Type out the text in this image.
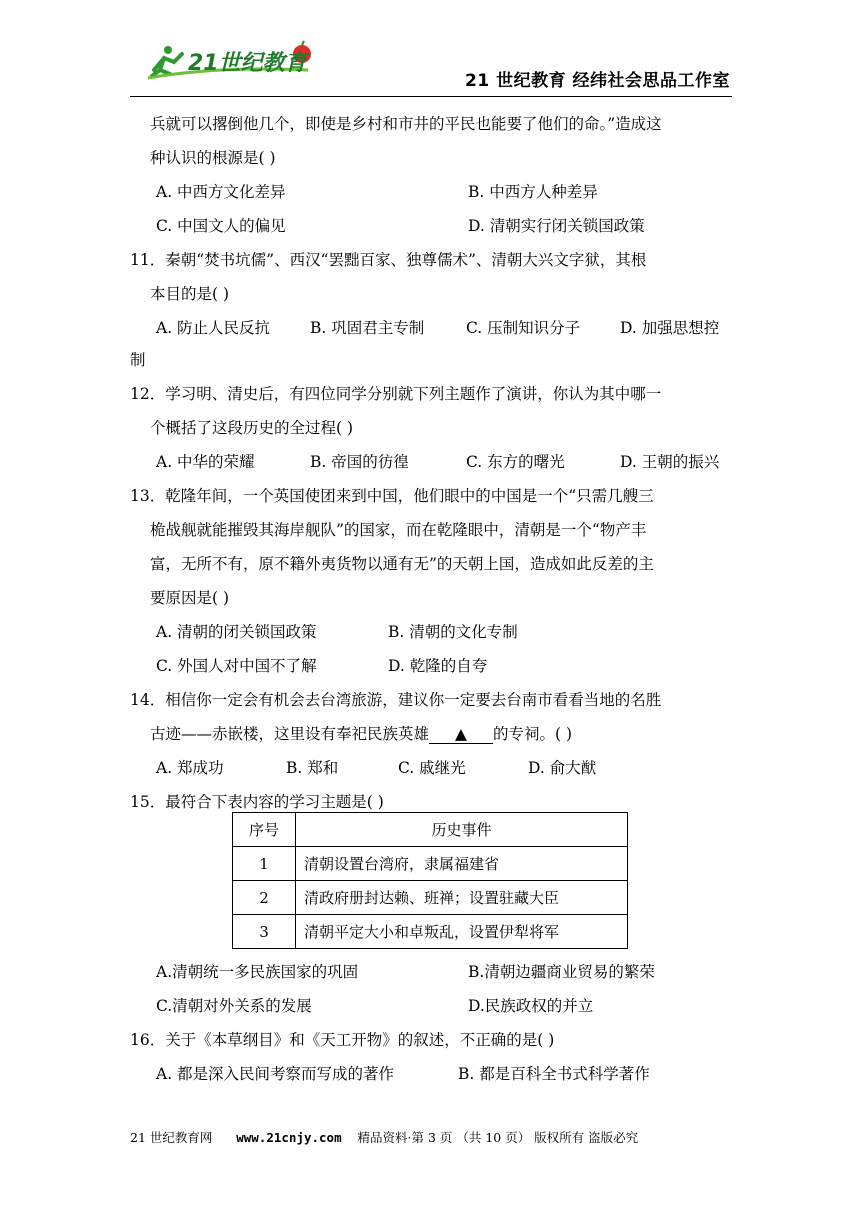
21世纪教育
21 世纪教育 经纬社会思品工作室
兵就可以撂倒他几个，即使是乡村和市井的平民也能要了他们的命。”造成这
种认识的根源是( )
A. 中西方文化差异	B. 中西方人种差异
C. 中国文人的偏见	D. 清朝实行闭关锁国政策
11．秦朝“焚书坑儒”、西汉“罢黜百家、独尊儒术”、清朝大兴文字狱，其根
本目的是( )
A. 防止人民反抗	B. 巩固君主专制	C. 压制知识分子	D. 加强思想控
制
12．学习明、清史后，有四位同学分别就下列主题作了演讲，你认为其中哪一
个概括了这段历史的全过程( )
A. 中华的荣耀	B. 帝国的彷徨	C. 东方的曙光	D. 王朝的振兴
13．乾隆年间，一个英国使团来到中国，他们眼中的中国是一个“只需几艘三
桅战舰就能摧毁其海岸舰队”的国家，而在乾隆眼中，清朝是一个“物产丰
富，无所不有，原不籍外夷货物以通有无”的天朝上国，造成如此反差的主
要原因是( )
A. 清朝的闭关锁国政策	B. 清朝的文化专制
C. 外国人对中国不了解	D. 乾隆的自夸
14．相信你一定会有机会去台湾旅游，建议你一定要去台南市看看当地的名胜
古迹——赤嵌楼，这里设有奉祀民族英雄 ▲ 的专祠。( )
A. 郑成功	B. 郑和	C. 戚继光	D. 俞大猷
15．最符合下表内容的学习主题是( )
序号	历史事件
1	清朝设置台湾府，隶属福建省
2	清政府册封达赖、班禅；设置驻藏大臣
3	清朝平定大小和卓叛乱，设置伊犁将军
A.清朝统一多民族国家的巩固	B.清朝边疆商业贸易的繁荣
C.清朝对外关系的发展	D.民族政权的并立
16．关于《本草纲目》和《天工开物》的叙述，不正确的是( )
A. 都是深入民间考察而写成的著作	B. 都是百科全书式科学著作
21 世纪教育网 www.21cnjy.com 精品资料·第 3 页 （共 10 页） 版权所有 盗版必究
